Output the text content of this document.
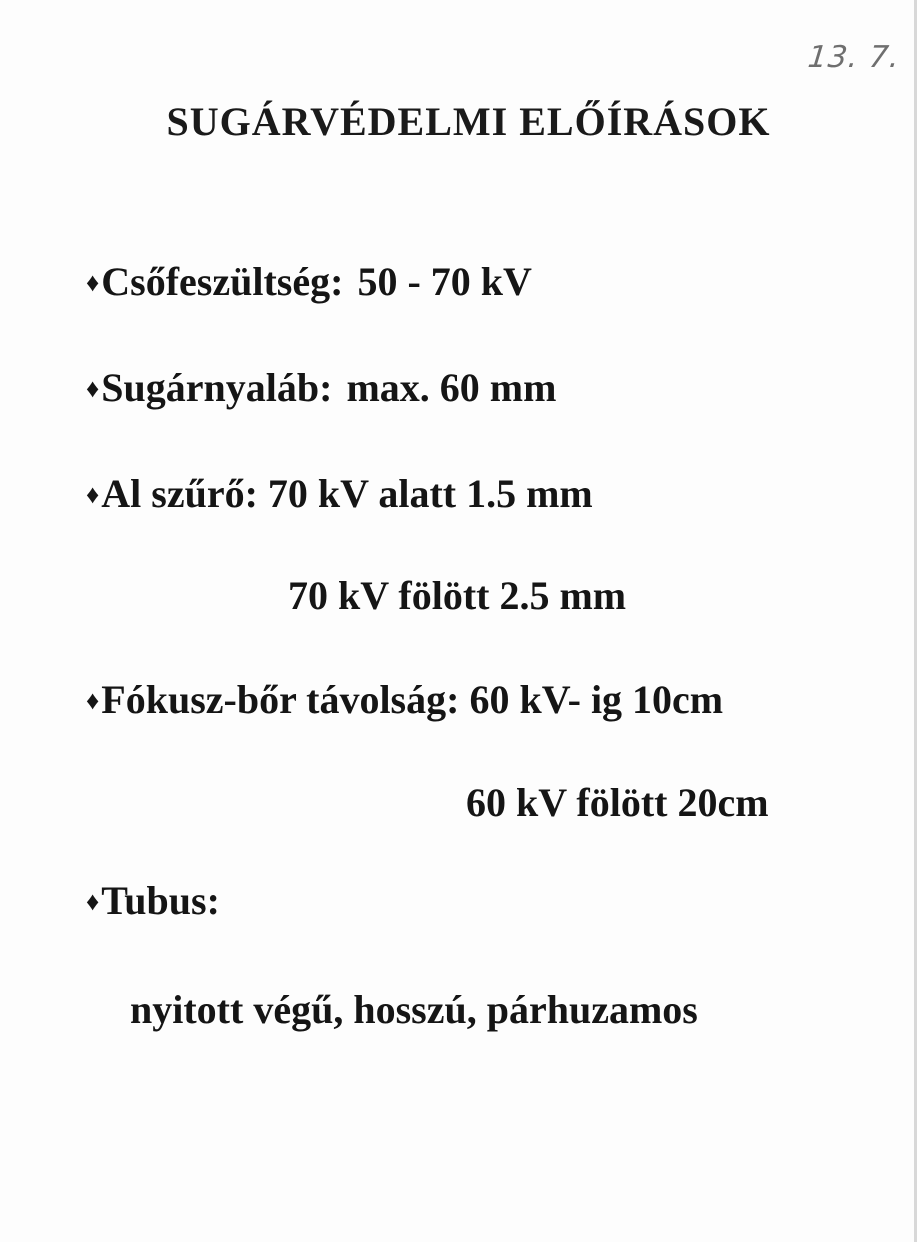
13. 7.
SUGÁRVÉDELMI ELŐÍRÁSOK
♦Csőfeszültség: 50 - 70 kV
♦Sugárnyaláb: max. 60 mm
♦Al szűrő: 70 kV alatt 1.5 mm
70 kV fölött 2.5 mm
♦Fókusz-bőr távolság: 60 kV- ig 10cm
60 kV fölött 20cm
♦Tubus:
nyitott végű, hosszú, párhuzamos
